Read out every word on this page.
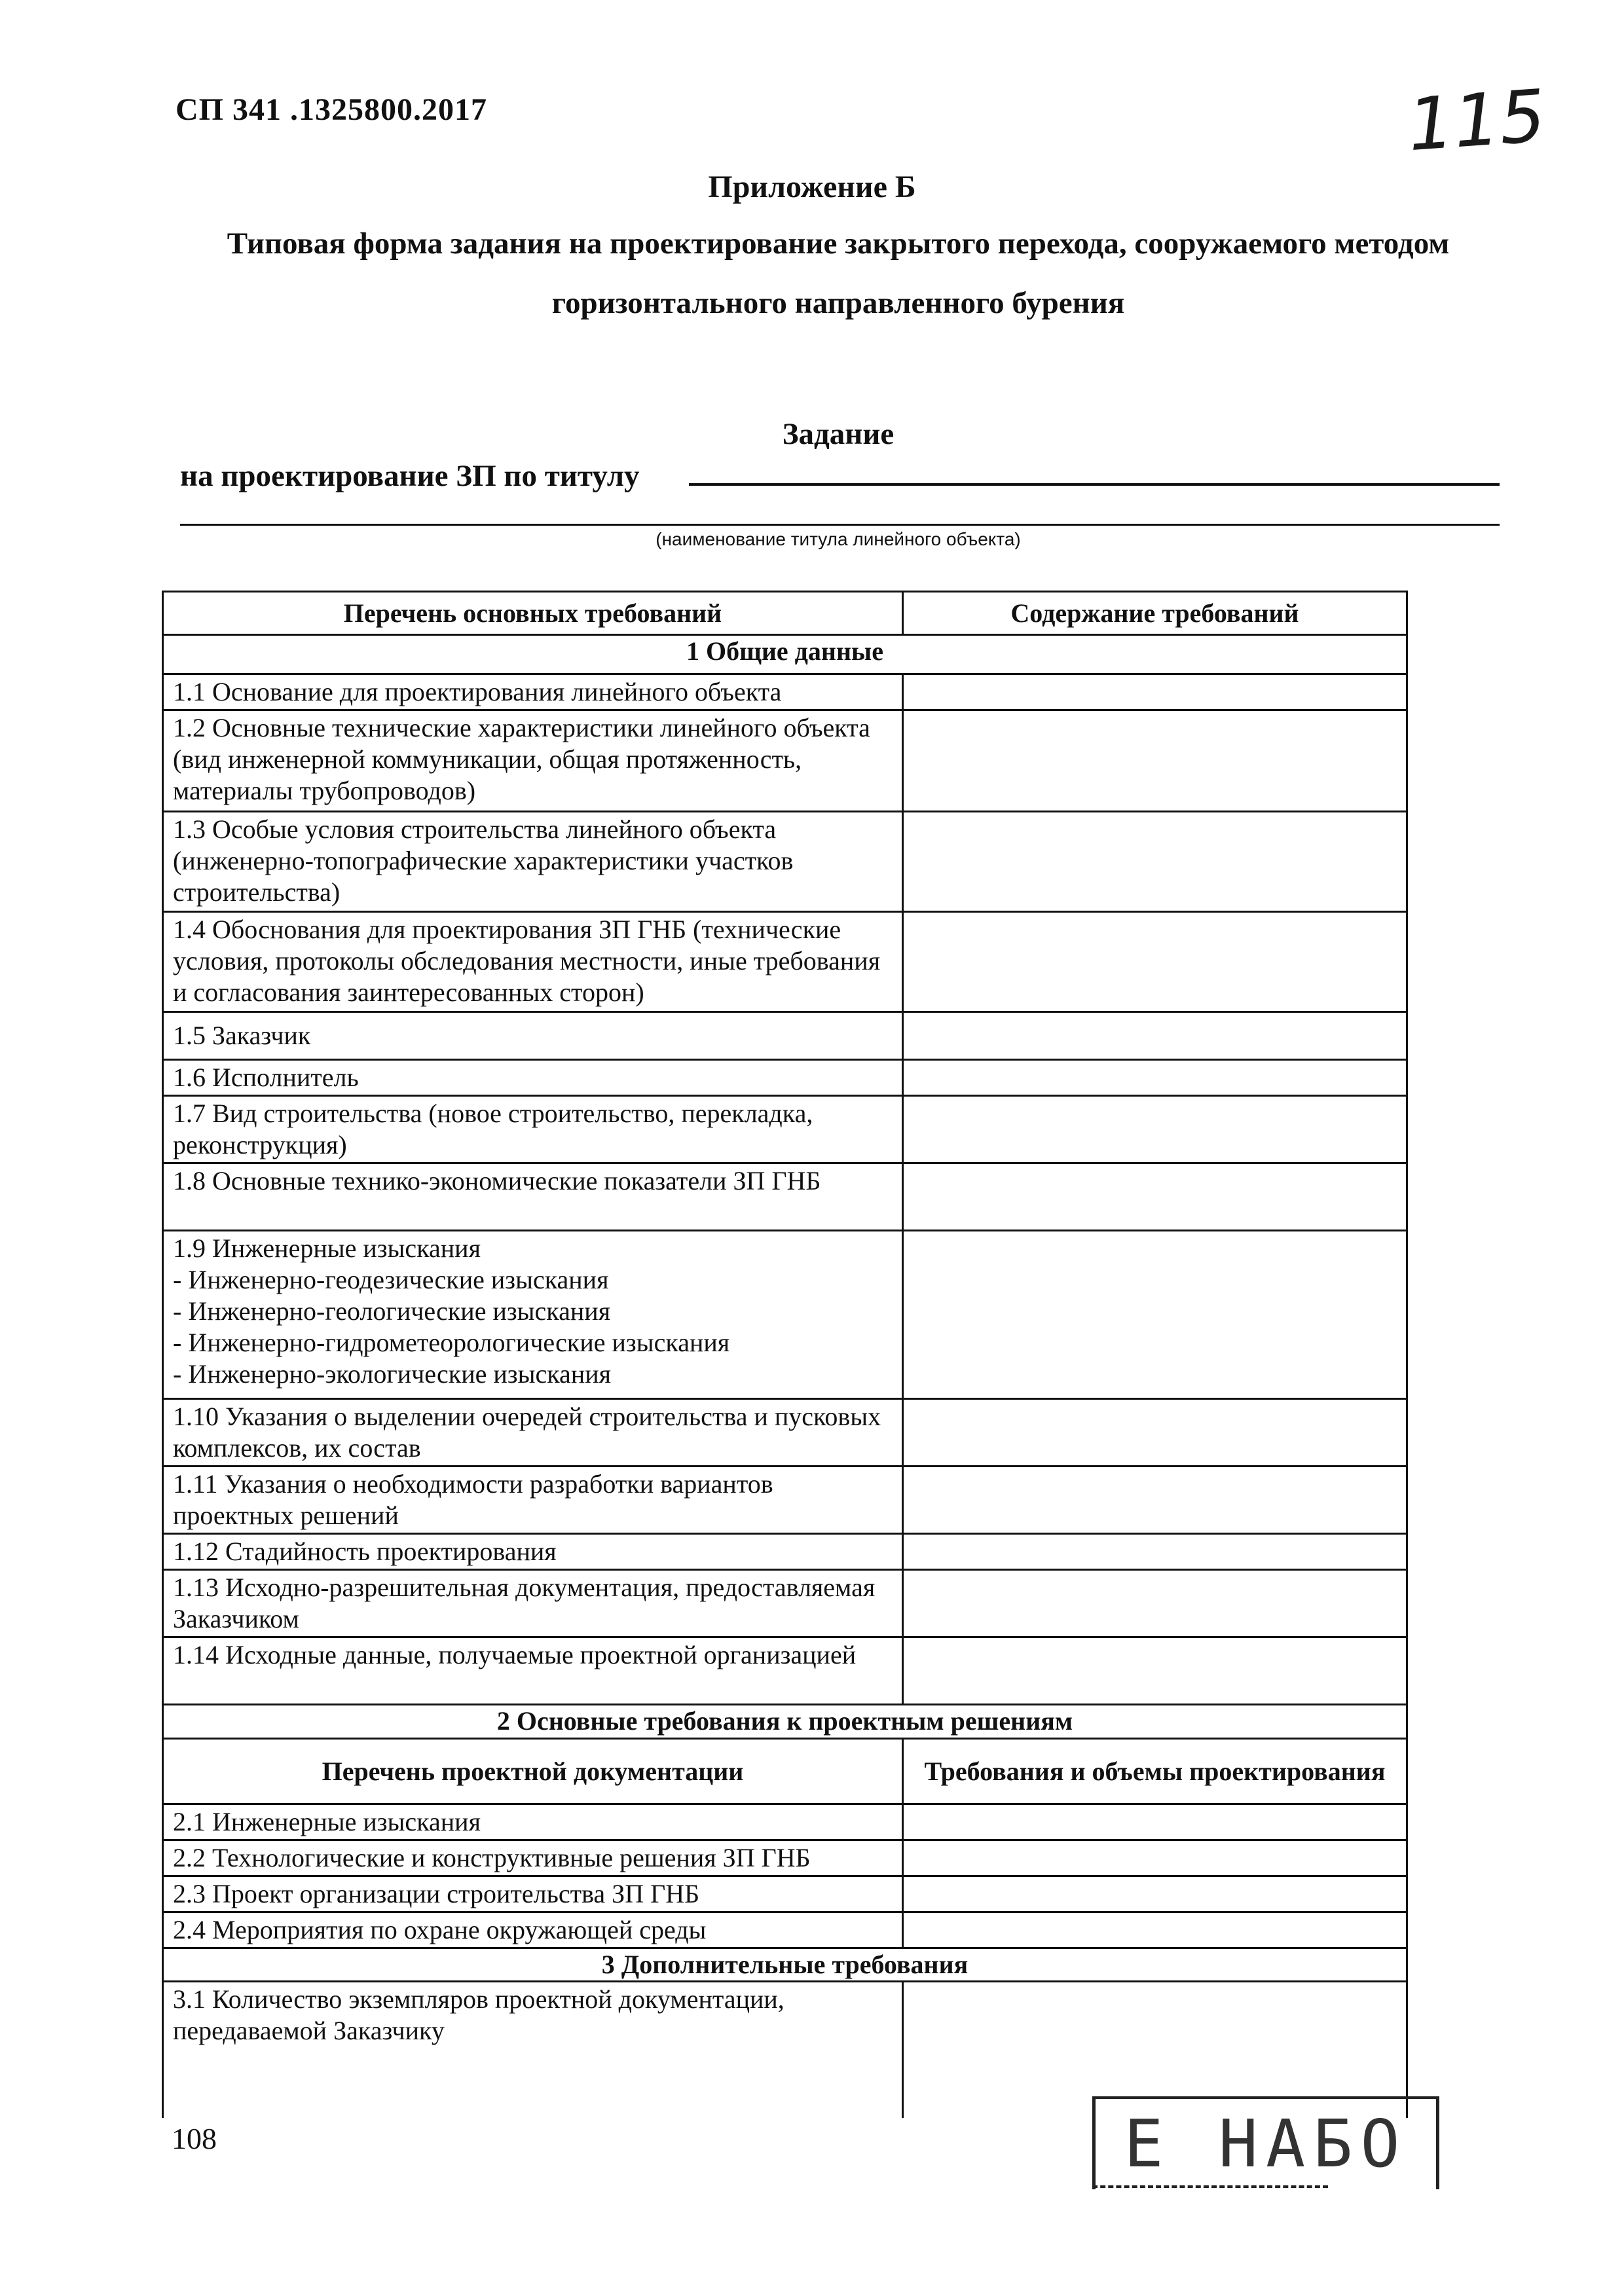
СП 341 .1325800.2017	115
Приложение Б
Типовая форма задания на проектирование закрытого перехода, сооружаемого методом
горизонтального направленного бурения
Задание
на проектирование ЗП по титулу
(наименование титула линейного объекта)
Перечень основных требований	Содержание требований
1 Общие данные	
1.1 Основание для проектирования линейного объекта	
1.2 Основные технические характеристики линейного объекта (вид инженерной коммуникации, общая протяженность, материалы трубопроводов)	
1.3 Особые условия строительства линейного объекта (инженерно-топографические характеристики участков строительства)	
1.4 Обоснования для проектирования ЗП ГНБ (технические условия, протоколы обследования местности, иные требования и согласования заинтересованных сторон)	
1.5 Заказчик	
1.6 Исполнитель	
1.7 Вид строительства (новое строительство, перекладка, реконструкция)	
1.8 Основные технико-экономические показатели ЗП ГНБ	

1.9 Инженерные изыскания
- Инженерно-геодезические изыскания
- Инженерно-геологические изыскания
- Инженерно-гидрометеорологические изыскания
- Инженерно-экологические изыскания	

1.10 Указания о выделении очередей строительства и пусковых комплексов, их состав	
1.11 Указания о необходимости разработки вариантов проектных решений	
1.12 Стадийность проектирования	
1.13 Исходно-разрешительная документация, предоставляемая Заказчиком	
1.14 Исходные данные, получаемые проектной организацией	
2 Основные требования к проектным решениям	
Перечень проектной документации	Требования и объемы проектирования
2.1 Инженерные изыскания	
2.2 Технологические и конструктивные решения ЗП ГНБ	
2.3 Проект организации строительства ЗП ГНБ	
2.4 Мероприятия по охране окружающей среды	
3 Дополнительные требования	
3.1 Количество экземпляров проектной документации, передаваемой Заказчику	
108	Е НАБО
